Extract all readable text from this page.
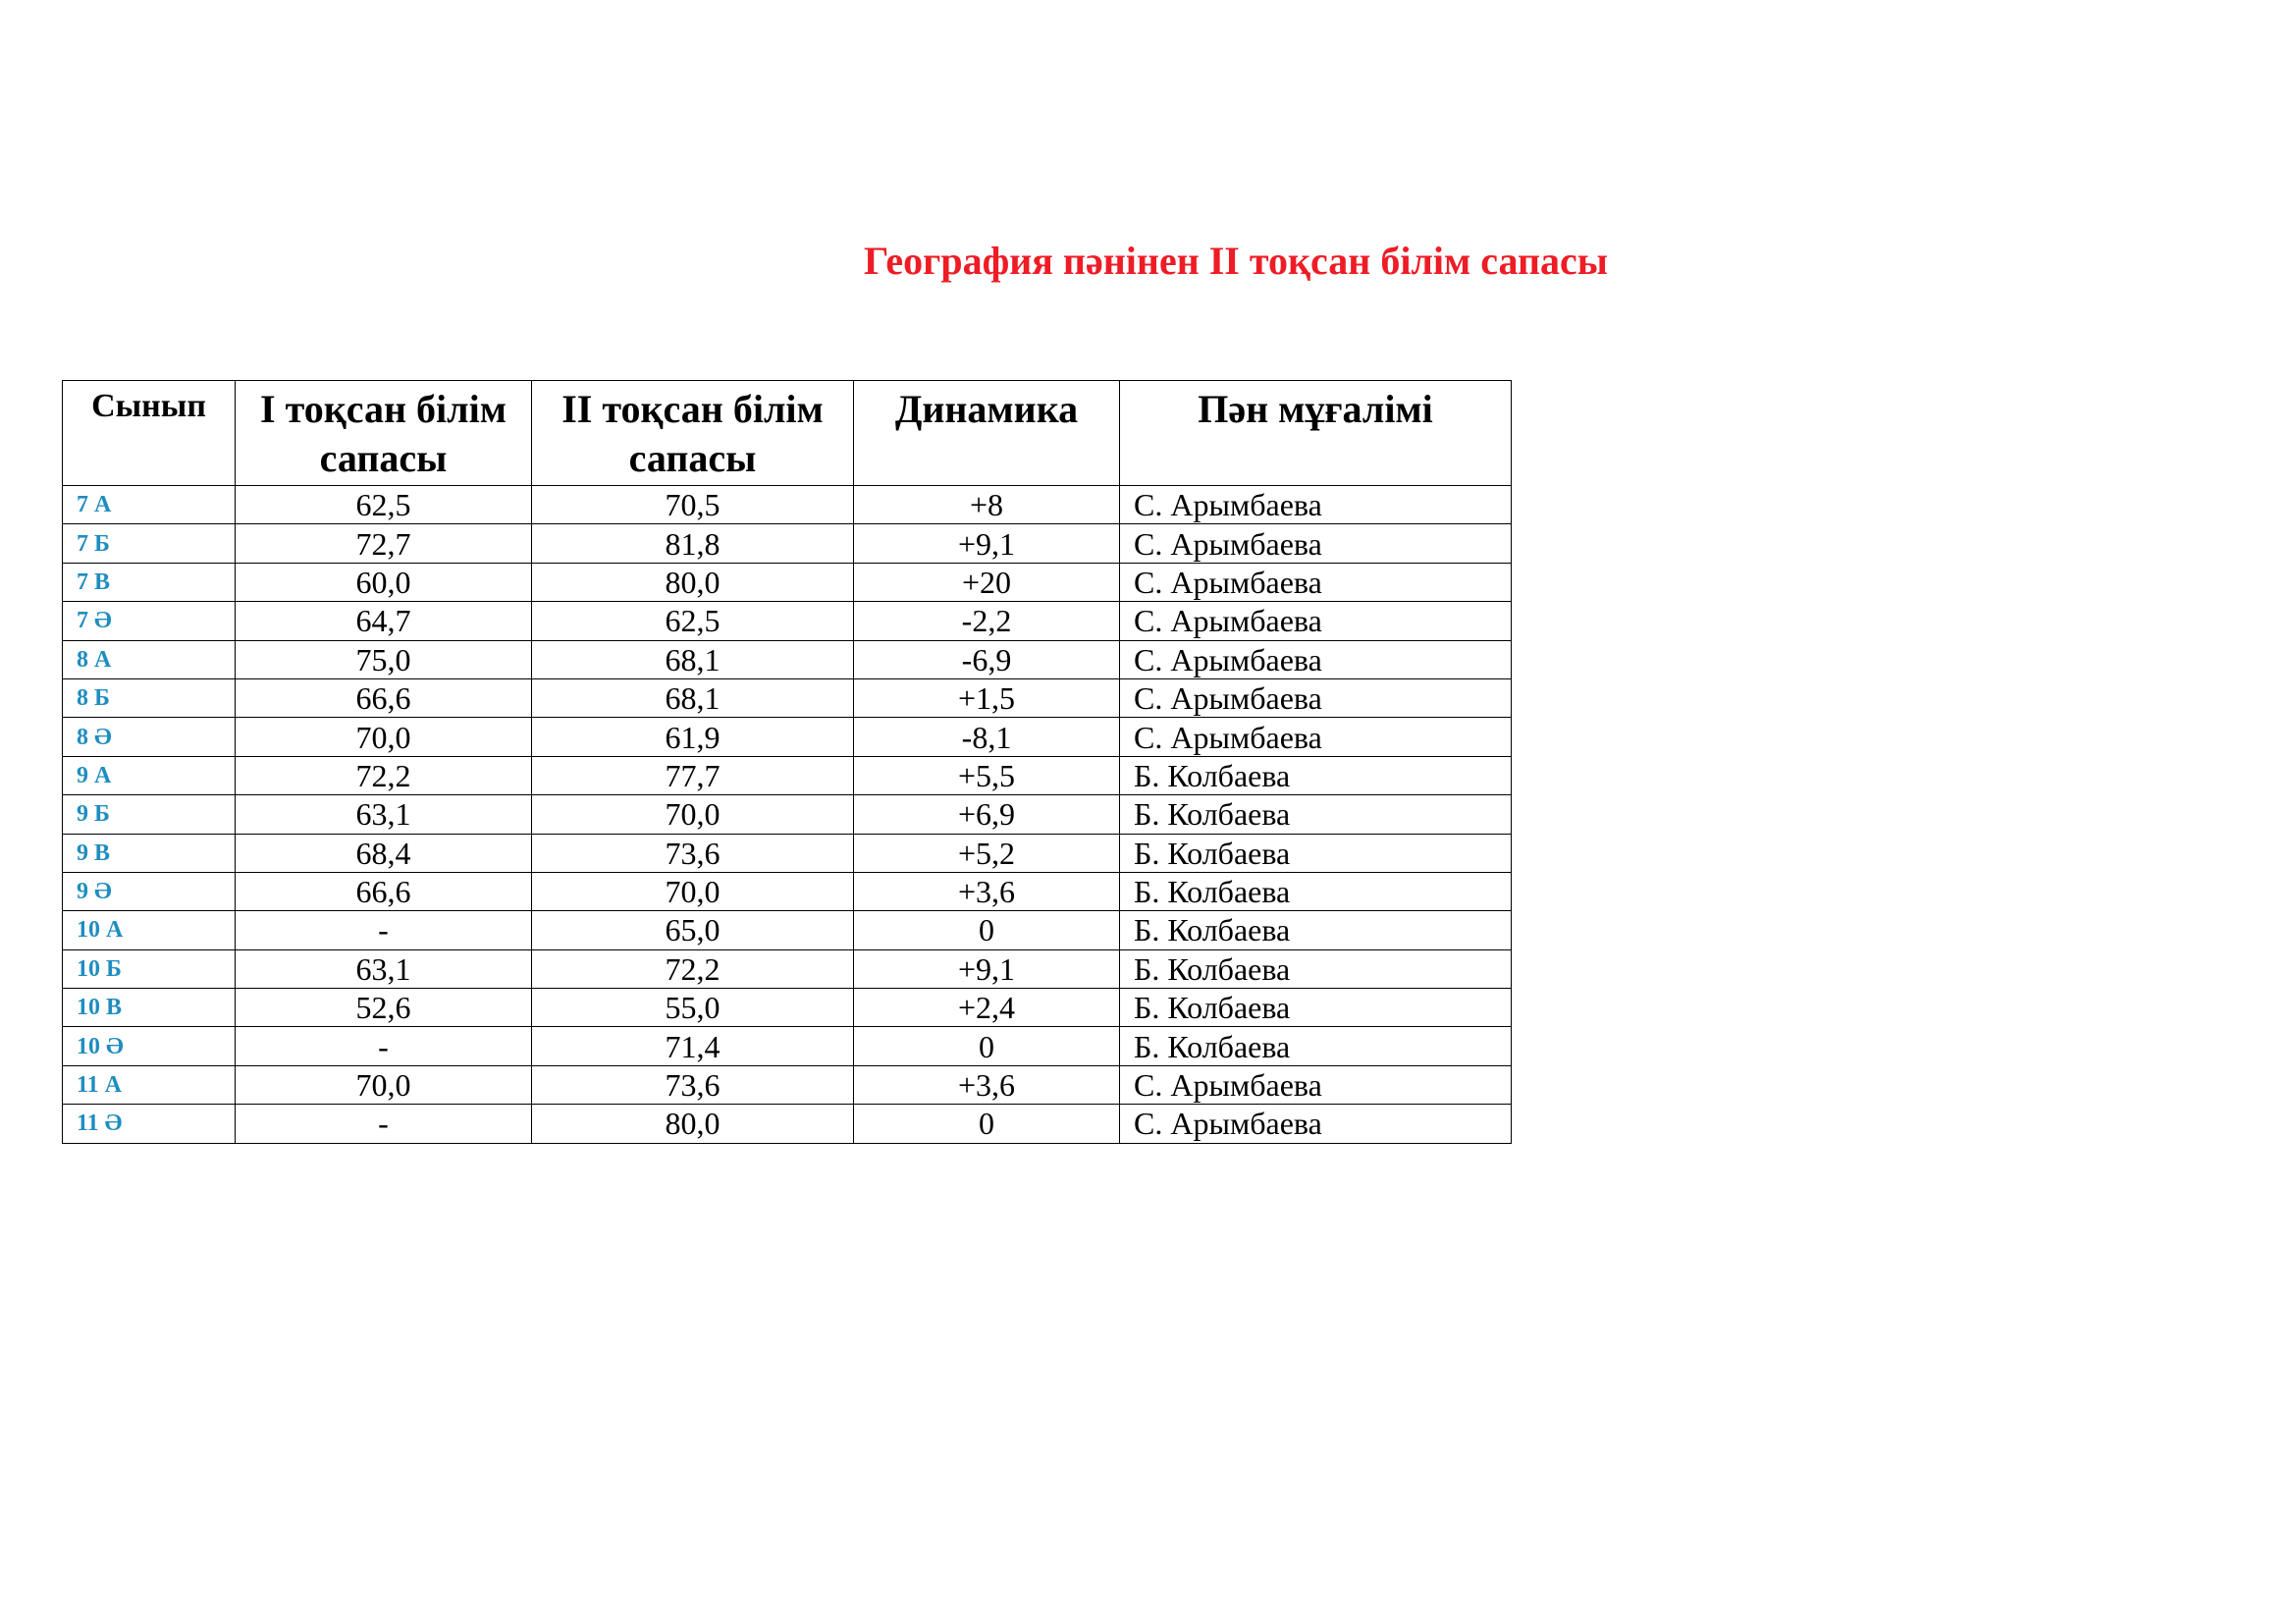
География пәнінен II тоқсан білім сапасы
Сынып	I тоқсан білім сапасы	II тоқсан білім сапасы	Динамика	Пән мұғалімі
7 А	62,5	70,5	+8	С. Арымбаева
7 Б	72,7	81,8	+9,1	С. Арымбаева
7 В	60,0	80,0	+20	С. Арымбаева
7 Ә	64,7	62,5	-2,2	С. Арымбаева
8 А	75,0	68,1	-6,9	С. Арымбаева
8 Б	66,6	68,1	+1,5	С. Арымбаева
8 Ә	70,0	61,9	-8,1	С. Арымбаева
9 А	72,2	77,7	+5,5	Б. Колбаева
9 Б	63,1	70,0	+6,9	Б. Колбаева
9 В	68,4	73,6	+5,2	Б. Колбаева
9 Ә	66,6	70,0	+3,6	Б. Колбаева
10 А	-	65,0	0	Б. Колбаева
10 Б	63,1	72,2	+9,1	Б. Колбаева
10 В	52,6	55,0	+2,4	Б. Колбаева
10 Ә	-	71,4	0	Б. Колбаева
11 А	70,0	73,6	+3,6	С. Арымбаева
11 Ә	-	80,0	0	С. Арымбаева
